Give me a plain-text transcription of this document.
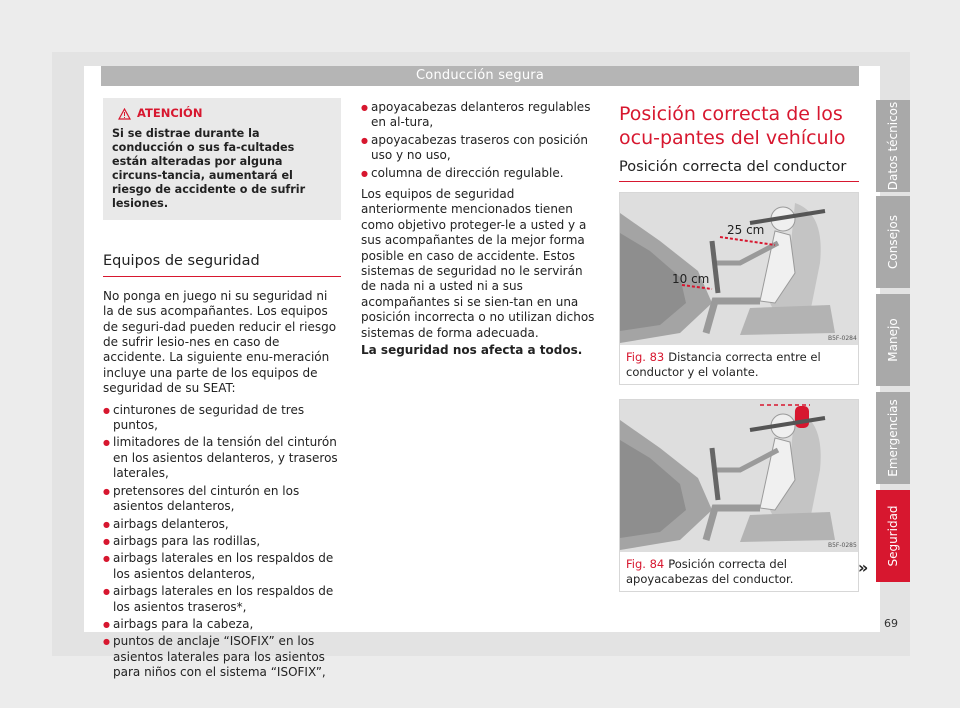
Conducción segura
ATENCIÓN
Si se distrae durante la conducción o sus fa-cultades están alteradas por alguna circuns-tancia, aumentará el riesgo de accidente o de sufrir lesiones.
Equipos de seguridad

No ponga en juego ni su seguridad ni la de sus acompañantes. Los equipos de seguri-dad pueden reducir el riesgo de sufrir lesio-nes en caso de accidente. La siguiente enu-meración incluye una parte de los equipos de seguridad de su SEAT:

● cinturones de seguridad de tres puntos,
● limitadores de la tensión del cinturón en los asientos delanteros, y traseros laterales,
● pretensores del cinturón en los asientos delanteros,
● airbags delanteros,
● airbags para las rodillas,
● airbags laterales en los respaldos de los asientos delanteros,
● airbags laterales en los respaldos de los asientos traseros*,
● airbags para la cabeza,
● puntos de anclaje “ISOFIX” en los asientos laterales para los asientos para niños con el sistema “ISOFIX”,
● apoyacabezas delanteros regulables en al-tura,
● apoyacabezas traseros con posición uso y no uso,
● columna de dirección regulable.

Los equipos de seguridad anteriormente mencionados tienen como objetivo proteger-le a usted y a sus acompañantes de la mejor forma posible en caso de accidente. Estos sistemas de seguridad no le servirán de nada ni a usted ni a sus acompañantes si se sien-tan en una posición incorrecta o no utilizan dichos sistemas de forma adecuada.

La seguridad nos afecta a todos.

Posición correcta de los ocu-pantes del vehículo
Posición correcta del conductor
25 cm
10 cm
B5F-0284
Fig. 83 Distancia correcta entre el conductor y el volante.
B5F-0285
Fig. 84 Posición correcta del apoyacabezas del conductor.
»
Datos técnicos
Consejos
Manejo
Emergencias
Seguridad
69
